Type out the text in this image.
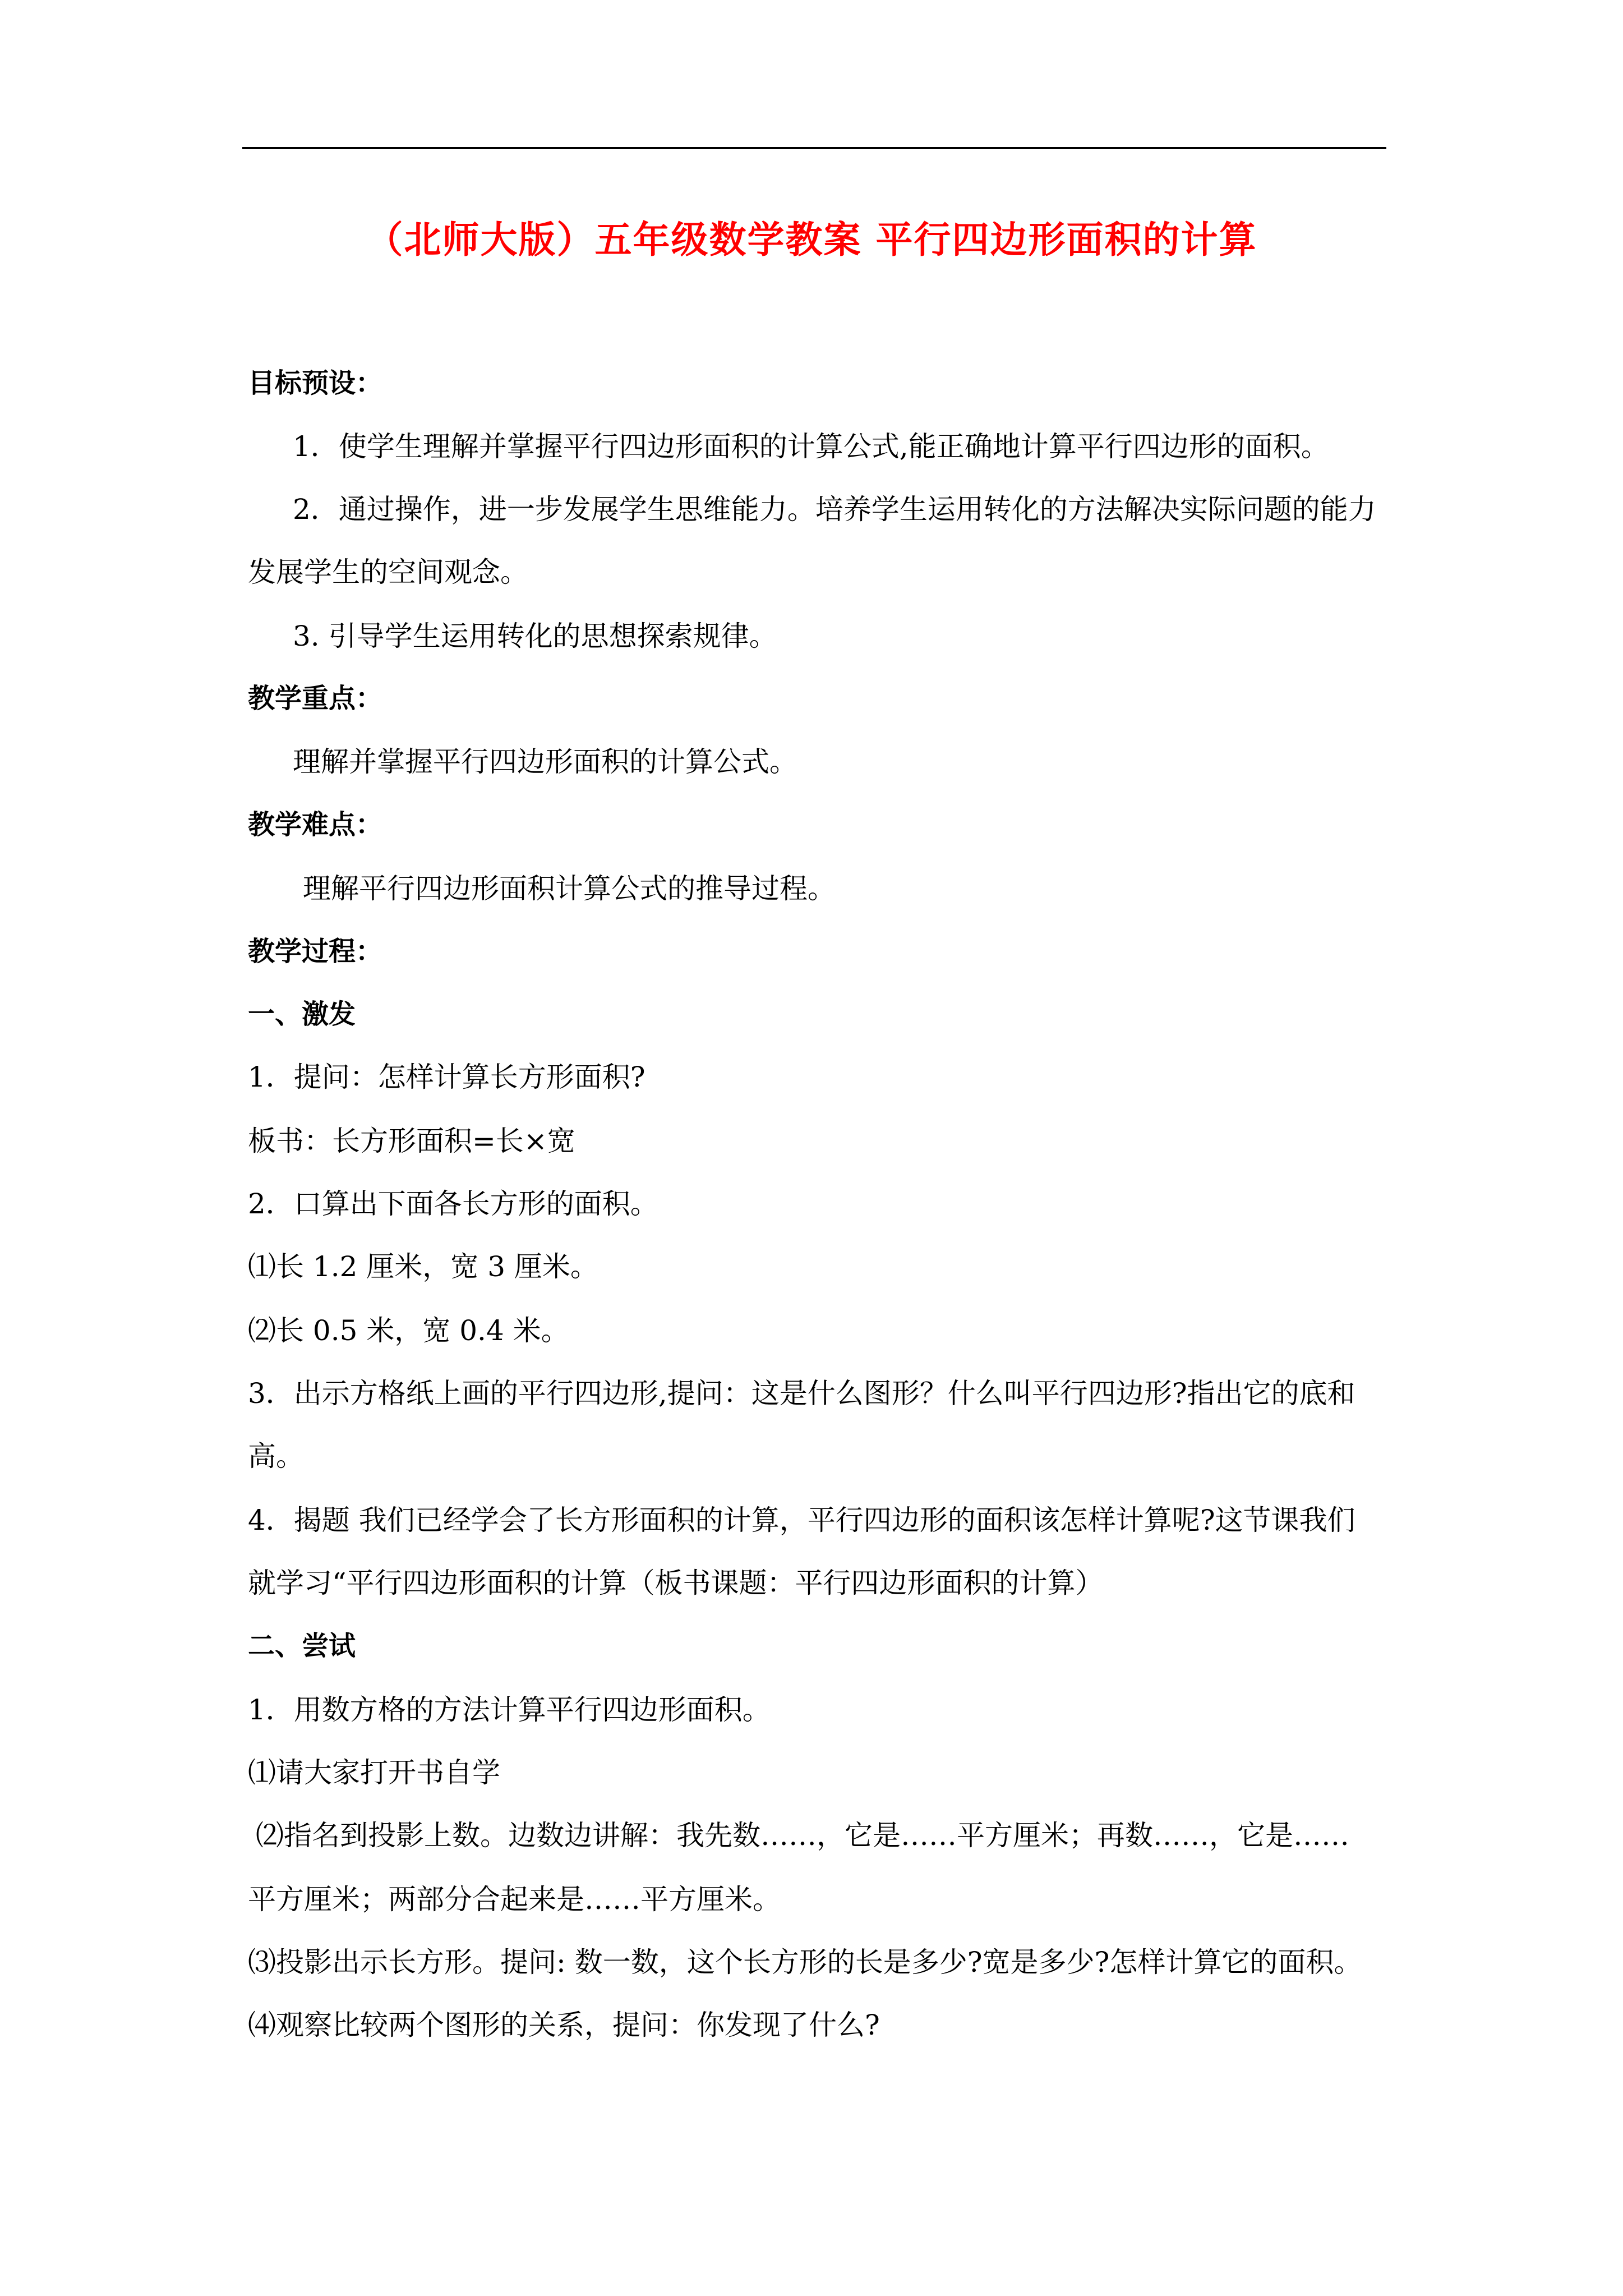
（北师大版）五年级数学教案 平行四边形面积的计算
目标预设：
1．使学生理解并掌握平行四边形面积的计算公式,能正确地计算平行四边形的面积。
2．通过操作，进一步发展学生思维能力。培养学生运用转化的方法解决实际问题的能力
发展学生的空间观念。
3. 引导学生运用转化的思想探索规律。
教学重点：
理解并掌握平行四边形面积的计算公式。
教学难点：
理解平行四边形面积计算公式的推导过程。
教学过程：
一、激发
1．提问：怎样计算长方形面积?
板书：长方形面积=长×宽
2．口算出下面各长方形的面积。
⑴长 1.2 厘米，宽 3 厘米。
⑵长 0.5 米，宽 0.4 米。
3．出示方格纸上画的平行四边形,提问：这是什么图形？什么叫平行四边形?指出它的底和
高。
4．揭题 我们已经学会了长方形面积的计算，平行四边形的面积该怎样计算呢?这节课我们
就学习“平行四边形面积的计算（板书课题：平行四边形面积的计算）
二、尝试
1．用数方格的方法计算平行四边形面积。
⑴请大家打开书自学
⑵指名到投影上数。边数边讲解：我先数……，它是……平方厘米；再数……，它是……
平方厘米；两部分合起来是……平方厘米。
⑶投影出示长方形。提问: 数一数，这个长方形的长是多少?宽是多少?怎样计算它的面积。
⑷观察比较两个图形的关系，提问：你发现了什么?
